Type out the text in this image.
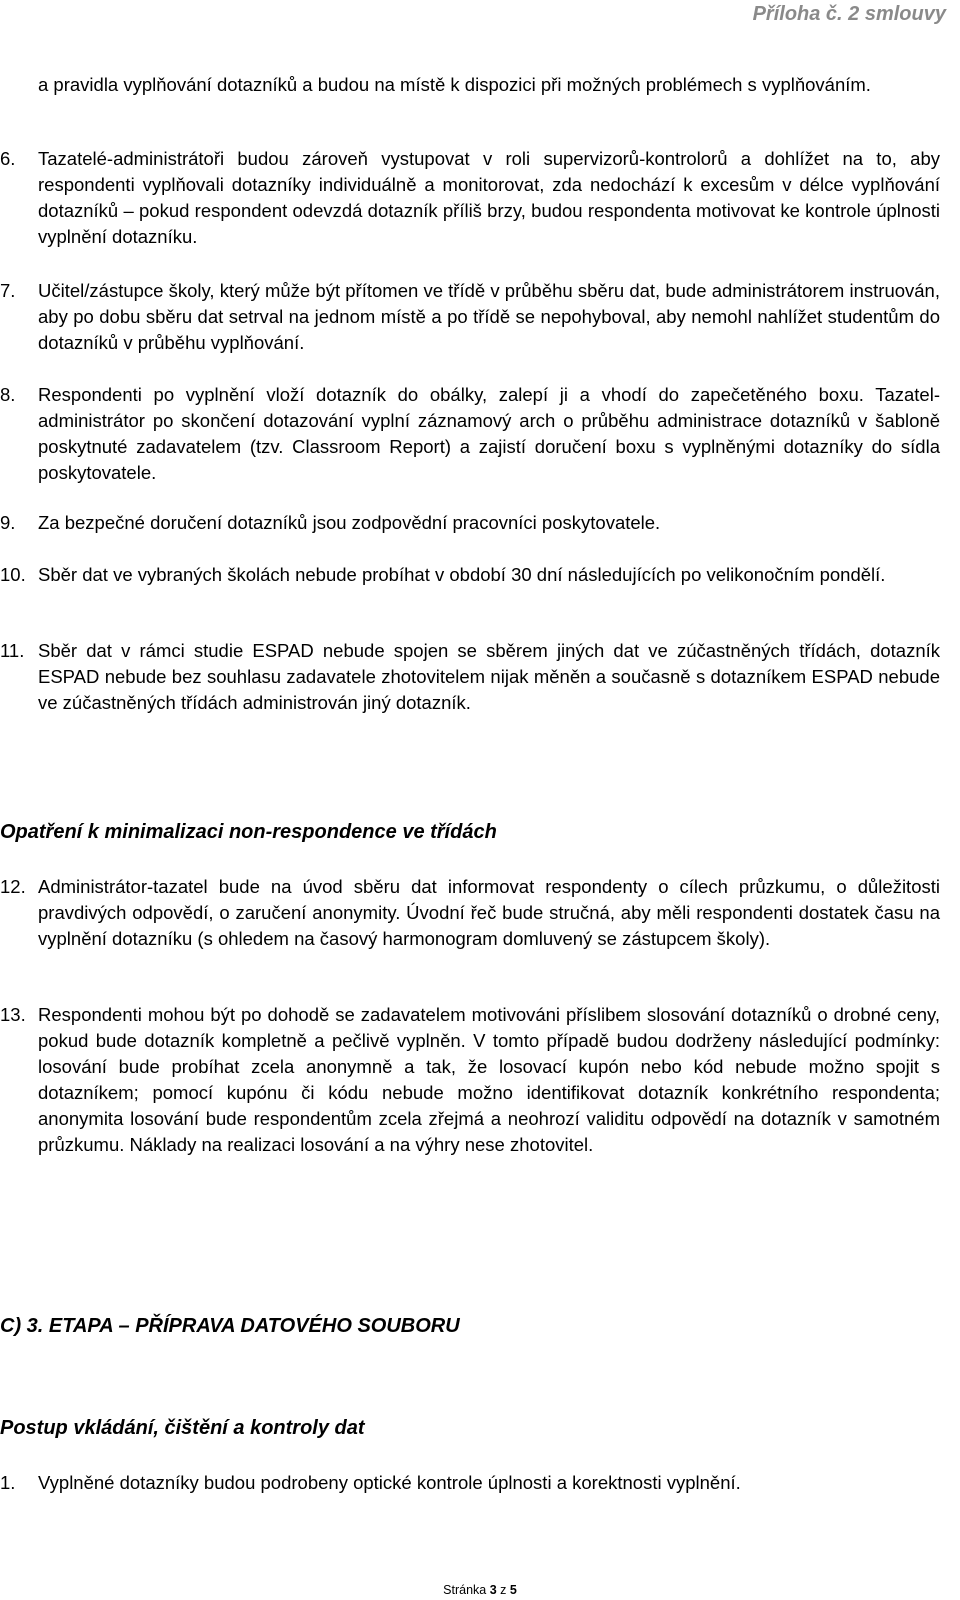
Příloha č. 2 smlouvy
a pravidla vyplňování dotazníků a budou na místě k dispozici při možných problémech s vyplňováním.
6. Tazatelé-administrátoři budou zároveň vystupovat v roli supervizorů-kontrolorů a dohlížet na to, aby respondenti vyplňovali dotazníky individuálně a monitorovat, zda nedochází k excesům v délce vyplňování dotazníků – pokud respondent odevzdá dotazník příliš brzy, budou respondenta motivovat ke kontrole úplnosti vyplnění dotazníku.
7. Učitel/zástupce školy, který může být přítomen ve třídě v průběhu sběru dat, bude administrátorem instruován, aby po dobu sběru dat setrval na jednom místě a po třídě se nepohyboval, aby nemohl nahlížet studentům do dotazníků v průběhu vyplňování.
8. Respondenti po vyplnění vloží dotazník do obálky, zalepí ji a vhodí do zapečetěného boxu. Tazatel-administrátor po skončení dotazování vyplní záznamový arch o průběhu administrace dotazníků v šabloně poskytnuté zadavatelem (tzv. Classroom Report) a zajistí doručení boxu s vyplněnými dotazníky do sídla poskytovatele.
9. Za bezpečné doručení dotazníků jsou zodpovědní pracovníci poskytovatele.
10. Sběr dat ve vybraných školách nebude probíhat v období 30 dní následujících po velikonočním pondělí.
11. Sběr dat v rámci studie ESPAD nebude spojen se sběrem jiných dat ve zúčastněných třídách, dotazník ESPAD nebude bez souhlasu zadavatele zhotovitelem nijak měněn a současně s dotazníkem ESPAD nebude ve zúčastněných třídách administrován jiný dotazník.
Opatření k minimalizaci non-respondence ve třídách
12. Administrátor-tazatel bude na úvod sběru dat informovat respondenty o cílech průzkumu, o důležitosti pravdivých odpovědí, o zaručení anonymity. Úvodní řeč bude stručná, aby měli respondenti dostatek času na vyplnění dotazníku (s ohledem na časový harmonogram domluvený se zástupcem školy).
13. Respondenti mohou být po dohodě se zadavatelem motivováni příslibem slosování dotazníků o drobné ceny, pokud bude dotazník kompletně a pečlivě vyplněn. V tomto případě budou dodrženy následující podmínky: losování bude probíhat zcela anonymně a tak, že losovací kupón nebo kód nebude možno spojit s dotazníkem; pomocí kupónu či kódu nebude možno identifikovat dotazník konkrétního respondenta; anonymita losování bude respondentům zcela zřejmá a neohrozí validitu odpovědí na dotazník v samotném průzkumu. Náklady na realizaci losování a na výhry nese zhotovitel.
C) 3. ETAPA – PŘÍPRAVA DATOVÉHO SOUBORU
Postup vkládání, čištění a kontroly dat
1. Vyplněné dotazníky budou podrobeny optické kontrole úplnosti a korektnosti vyplnění.
Stránka 3 z 5
